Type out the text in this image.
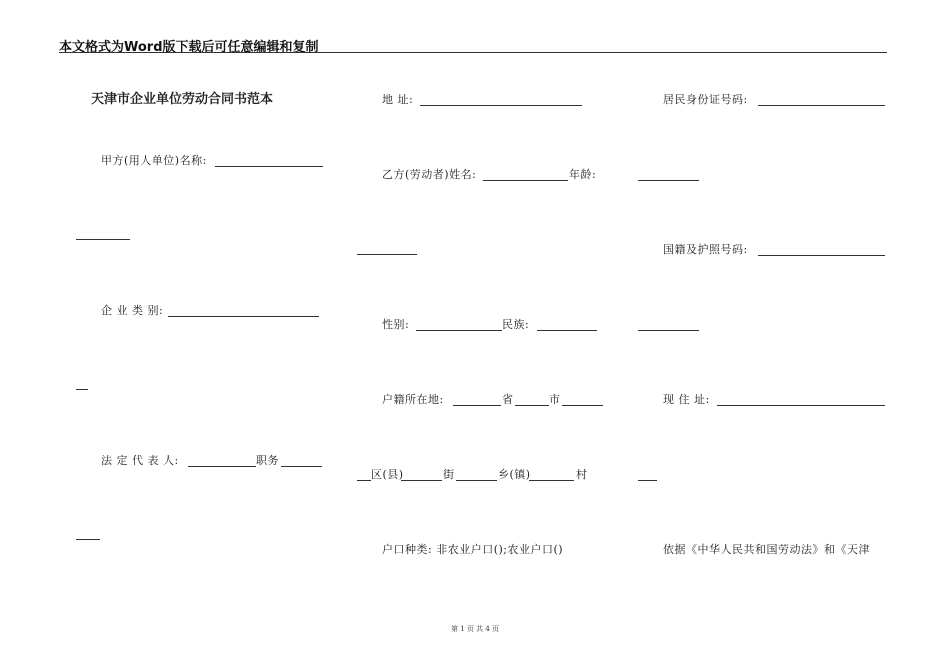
本文格式为Word版下载后可任意编辑和复制
天津市企业单位劳动合同书范本
甲方(用人单位)名称:
企 业 类 别:
法 定 代 表 人:	职务
地 址:
乙方(劳动者)姓名:	年龄:
性别:	民族:
户籍所在地:	省	市
区(县)	街	乡(镇)	村
户口种类: 非农业户口();农业户口()
居民身份证号码:
国籍及护照号码:
现 住 址:
依据《中华人民共和国劳动法》和《天津
第 1 页 共 4 页
